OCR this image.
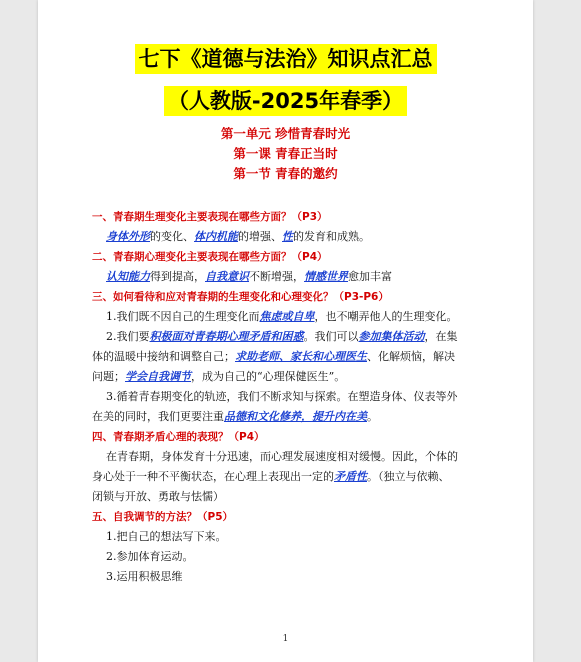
七下《道德与法治》知识点汇总
（人教版-2025年春季）
第一单元 珍惜青春时光
第一课 青春正当时
第一节 青春的邀约
一、青春期生理变化主要表现在哪些方面？（P3）
身体外形的变化、体内机能的增强、性的发育和成熟。
二、青春期心理变化主要表现在哪些方面？（P4）
认知能力得到提高，自我意识不断增强，情感世界愈加丰富
三、如何看待和应对青春期的生理变化和心理变化？（P3-P6）
1.我们既不因自己的生理变化而焦虑或自卑，也不嘲弄他人的生理变化。
2.我们要积极面对青春期心理矛盾和困惑。我们可以参加集体活动，在集
体的温暖中接纳和调整自己；求助老师、家长和心理医生、化解烦恼，解决
问题；学会自我调节，成为自己的“心理保健医生”。
3.循着青春期变化的轨迹，我们不断求知与探索。在塑造身体、仪表等外
在美的同时，我们更要注重品德和文化修养，提升内在美。
四、青春期矛盾心理的表现？（P4）
在青春期，身体发育十分迅速，而心理发展速度相对缓慢。因此，个体的
身心处于一种不平衡状态，在心理上表现出一定的矛盾性。（独立与依赖、
闭锁与开放、勇敢与怯懦）
五、自我调节的方法？（P5）
1.把自己的想法写下来。
2.参加体育运动。
3.运用积极思维
1
